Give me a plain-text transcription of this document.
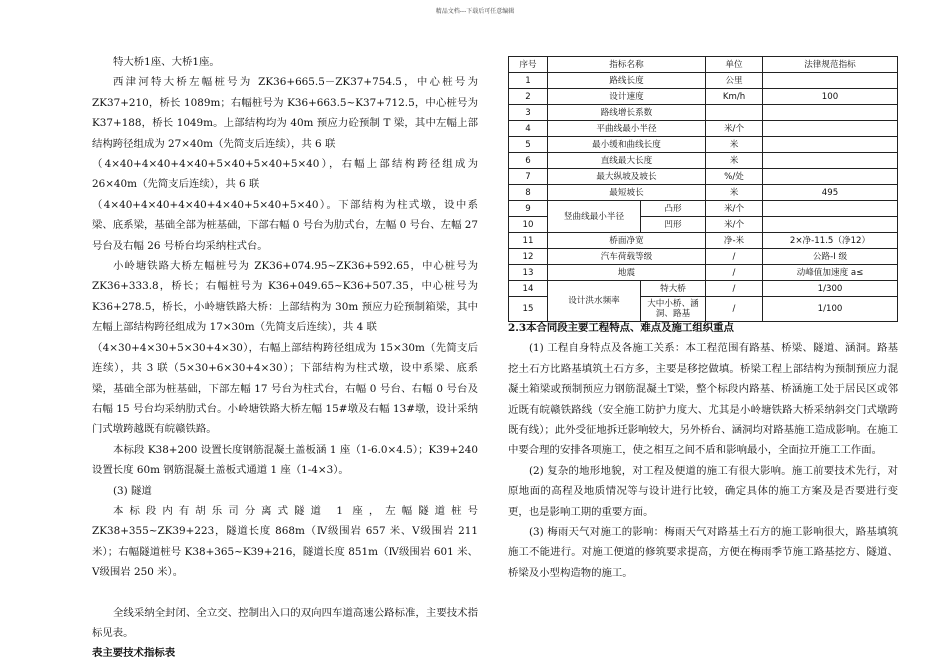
精品文档---下载后可任意编辑

特大桥1座、大桥1座。

西津河特大桥左幅桩号为 ZK36+665.5－ZK37+754.5，中心桩号为 ZK37+210，桥长 1089m；右幅桩号为 K36+663.5~K37+712.5，中心桩号为 K37+188，桥长 1049m。上部结构均为 40m 预应力砼预制 T 梁，其中左幅上部结构跨径组成为 27×40m（先简支后连续），共 6 联

（4×40+4×40+4×40+5×40+5×40+5×40），右幅上部结构跨径组成为 26×40m（先简支后连续），共 6 联

（4×40+4×40+4×40+4×40+5×40+5×40）。下部结构为柱式墩，设中系梁、底系梁，基础全部为桩基础，下部右幅 0 号台为肋式台，左幅 0 号台、左幅 27 号台及右幅 26 号桥台均采纳柱式台。

小岭塘铁路大桥左幅桩号为 ZK36+074.95~ZK36+592.65，中心桩号为 ZK36+333.8，桥长；右幅桩号为 K36+049.65~K36+507.35，中心桩号为 K36+278.5，桥长，小岭塘铁路大桥：上部结构为 30m 预应力砼预制箱梁，其中左幅上部结构跨径组成为 17×30m（先简支后连续），共 4 联

（4×30+4×30+5×30+4×30），右幅上部结构跨径组成为 15×30m（先简支后连续），共 3 联（5×30+6×30+4×30）；下部结构为柱式墩，设中系梁、底系梁，基础全部为桩基础，下部左幅 17 号台为柱式台，右幅 0 号台、右幅 0 号台及右幅 15 号台均采纳肋式台。小岭塘铁路大桥左幅 15#墩及右幅 13#墩，设计采纳门式墩跨越既有皖赣铁路。

本标段 K38+200 设置长度钢筋混凝土盖板涵 1 座（1-6.0×4.5）；K39+240 设置长度 60m 钢筋混凝土盖板式通道 1 座（1-4×3）。

(3) 隧道

本标段内有胡乐司分离式隧道 1 座，左幅隧道桩号 ZK38+355~ZK39+223，隧道长度 868m（Ⅳ级围岩 657 米、Ⅴ级围岩 211 米）；右幅隧道桩号 K38+365~K39+216，隧道长度 851m（Ⅳ级围岩 601 米、Ⅴ级围岩 250 米）。

全线采纳全封闭、全立交、控制出入口的双向四车道高速公路标准，主要技术指标见表。

表主要技术指标表

序号	指标名称		单位	法律规范指标
1	路线长度		公里	
2	设计速度		Km/h	100
3	路线增长系数			
4	平曲线最小半径		米/个	
5	最小缓和曲线长度		米	
6	直线最大长度		米	
7	最大纵坡及坡长		%/处	
8	最短坡长		米	495
9	竖曲线最小半径	凸形	米/个	
10		凹形	米/个	
11	桥面净宽		净-米	2×净-11.5（净12）
12	汽车荷载等级		/	公路-Ⅰ 级
13	地震		/	动峰值加速度 a≤
14	设计洪水频率	特大桥	/	1/300
15		大中小桥、涵洞、路基	/	1/100

2.3本合同段主要工程特点、难点及施工组织重点

(1) 工程自身特点及各施工关系：本工程范围有路基、桥梁、隧道、涵洞。路基挖土石方比路基填筑土石方多，主要是移挖做填。桥梁工程上部结构为预制预应力混凝土箱梁或预制预应力钢筋混凝土T梁，整个标段内路基、桥涵施工处于居民区或邻近既有皖赣铁路线（安全施工防护力度大、尤其是小岭塘铁路大桥采纳斜交门式墩跨既有线）；此外受征地拆迁影响较大，另外桥台、涵洞均对路基施工造成影响。在施工中要合理的安排各项施工，使之相互之间不盾和影响最小，全面拉开施工工作面。

(2) 复杂的地形地貌，对工程及便道的施工有很大影响。施工前要技术先行，对原地面的高程及地质情况等与设计进行比较，确定具体的施工方案及是否要进行变更，也是影响工期的重要方面。

(3) 梅雨天气对施工的影响：梅雨天气对路基土石方的施工影响很大，路基填筑施工不能进行。对施工便道的修筑要求提高，方便在梅雨季节施工路基挖方、隧道、桥梁及小型构造物的施工。
